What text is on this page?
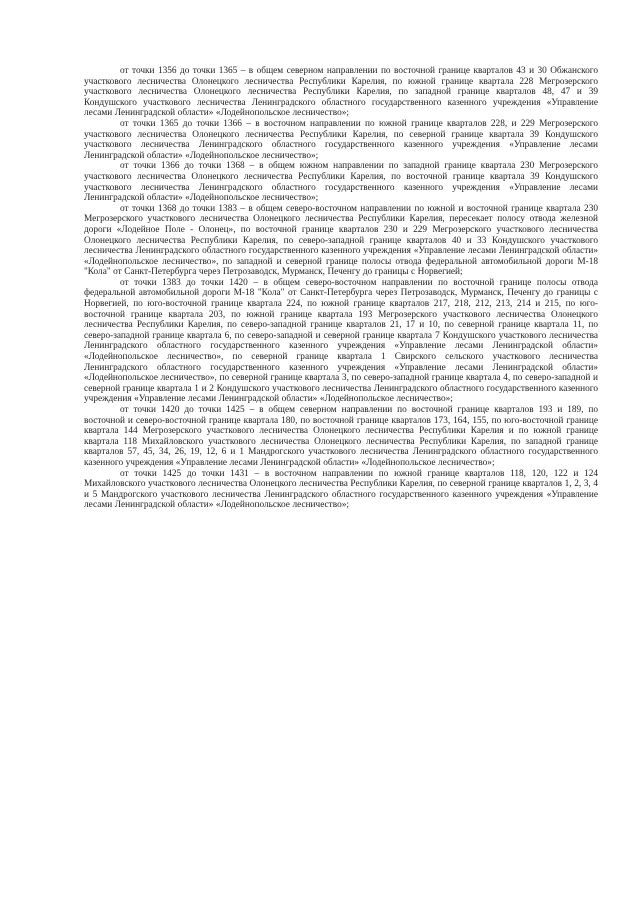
от точки 1356 до точки 1365 – в общем северном направлении по восточной границе кварталов 43 и 30 Обжанского участкового лесничества Олонецкого лесничества Республики Карелия, по южной границе квартала 228 Мегрозерского участкового лесничества Олонецкого лесничества Республики Карелия, по западной границе кварталов 48, 47 и 39 Кондушского участкового лесничества Ленинградского областного государственного казенного учреждения «Управление лесами Ленинградской области» «Лодейнопольское лесничество»;

от точки 1365 до точки 1366 – в восточном направлении по южной границе кварталов 228, и 229 Мегрозерского участкового лесничества Олонецкого лесничества Республики Карелия, по северной границе квартала 39 Кондушского участкового лесничества Ленинградского областного государственного казенного учреждения «Управление лесами Ленинградской области» «Лодейнопольское лесничество»;

от точки 1366 до точки 1368 – в общем южном направлении по западной границе квартала 230 Мегрозерского участкового лесничества Олонецкого лесничества Республики Карелия, по восточной границе квартала 39 Кондушского участкового лесничества Ленинградского областного государственного казенного учреждения «Управление лесами Ленинградской области» «Лодейнопольское лесничество»;

от точки 1368 до точки 1383 – в общем северо-восточном направлении по южной и восточной границе квартала 230 Мегрозерского участкового лесничества Олонецкого лесничества Республики Карелия, пересекает полосу отвода железной дороги «Лодейное Поле - Олонец», по восточной границе кварталов 230 и 229 Мегрозерского участкового лесничества Олонецкого лесничества Республики Карелия, по северо-западной границе кварталов 40 и 33 Кондушского участкового лесничества Ленинградского областного государственного казенного учреждения «Управление лесами Ленинградской области» «Лодейнопольское лесничество», по западной и северной границе полосы отвода федеральной автомобильной дороги М-18 "Кола" от Санкт-Петербурга через Петрозаводск, Мурманск, Печенгу до границы с Норвегией;

от точки 1383 до точки 1420 – в общем северо-восточном направлении по восточной границе полосы отвода федеральной автомобильной дороги М-18 "Кола" от Санкт-Петербурга через Петрозаводск, Мурманск, Печенгу до границы с Норвегией, по юго-восточной границе квартала 224, по южной границе кварталов 217, 218, 212, 213, 214 и 215, по юго-восточной границе квартала 203, по южной границе квартала 193 Мегрозерского участкового лесничества Олонецкого лесничества Республики Карелия, по северо-западной границе кварталов 21, 17 и 10, по северной границе квартала 11, по северо-западной границе квартала 6, по северо-западной и северной границе квартала 7 Кондушского участкового лесничества Ленинградского областного государственного казенного учреждения «Управление лесами Ленинградской области» «Лодейнопольское лесничество», по северной границе квартала 1 Свирского сельского участкового лесничества Ленинградского областного государственного казенного учреждения «Управление лесами Ленинградской области» «Лодейнопольское лесничество», по северной границе квартала 3, по северо-западной границе квартала 4, по северо-западной и северной границе квартала 1 и 2 Кондушского участкового лесничества Ленинградского областного государственного казенного учреждения «Управление лесами Ленинградской области» «Лодейнопольское лесничество»;

от точки 1420 до точки 1425 – в общем северном направлении по восточной границе кварталов 193 и 189, по восточной и северо-восточной границе квартала 180, по восточной границе кварталов 173, 164, 155, по юго-восточной границе квартала 144 Мегрозерского участкового лесничества Олонецкого лесничества Республики Карелия и по южной границе квартала 118 Михайловского участкового лесничества Олонецкого лесничества Республики Карелия, по западной границе кварталов 57, 45, 34, 26, 19, 12, 6 и 1 Мандрогского участкового лесничества Ленинградского областного государственного казенного учреждения «Управление лесами Ленинградской области» «Лодейнопольское лесничество»;

от точки 1425 до точки 1431 – в восточном направлении по южной границе кварталов 118, 120, 122 и 124 Михайловского участкового лесничества Олонецкого лесничества Республики Карелия, по северной границе кварталов 1, 2, 3, 4 и 5 Мандрогского участкового лесничества Ленинградского областного государственного казенного учреждения «Управление лесами Ленинградской области» «Лодейнопольское лесничество»;
